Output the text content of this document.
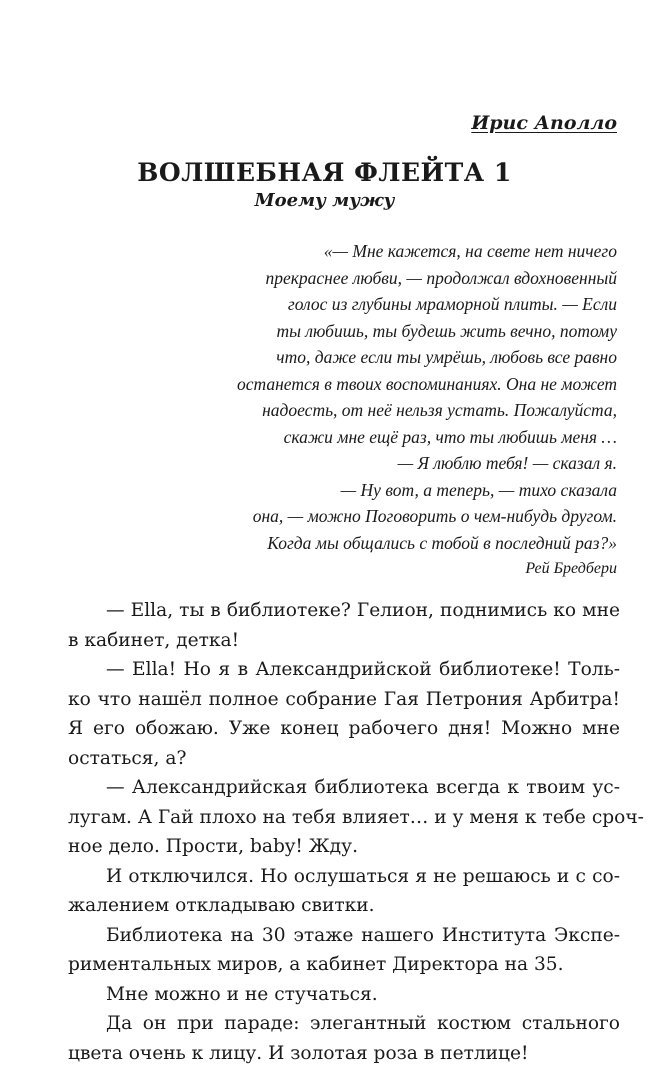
Ирис Аполло
ВОЛШЕБНАЯ ФЛЕЙТА 1
Моему мужу
«— Мне кажется, на свете нет ничего
прекраснее любви, — продолжал вдохновенный
голос из глубины мраморной плиты. — Если
ты любишь, ты будешь жить вечно, потому
что, даже если ты умрёшь, любовь все равно
останется в твоих воспоминаниях. Она не может
надоесть, от неё нельзя устать. Пожалуйста,
скажи мне ещё раз, что ты любишь меня …
— Я люблю тебя! — сказал я.
— Ну вот, а теперь, — тихо сказала
она, — можно Поговорить о чем-нибудь другом.
Когда мы общались с тобой в последний раз?»
Рей Бредбери
— Ella, ты в библиотеке? Гелион, поднимись ко мне
в кабинет, детка!
— Ella! Но я в Александрийской библиотеке! Толь-
ко что нашёл полное собрание Гая Петрония Арбитра!
Я его обожаю. Уже конец рабочего дня! Можно мне
остаться, а?
— Александрийская библиотека всегда к твоим ус-
лугам. А Гай плохо на тебя влияет… и у меня к тебе сроч-
ное дело. Прости, baby! Жду.
И отключился. Но ослушаться я не решаюсь и с со-
жалением откладываю свитки.
Библиотека на 30 этаже нашего Института Экспе-
риментальных миров, а кабинет Директора на 35.
Мне можно и не стучаться.
Да он при параде: элегантный костюм стального
цвета очень к лицу. И золотая роза в петлице!
